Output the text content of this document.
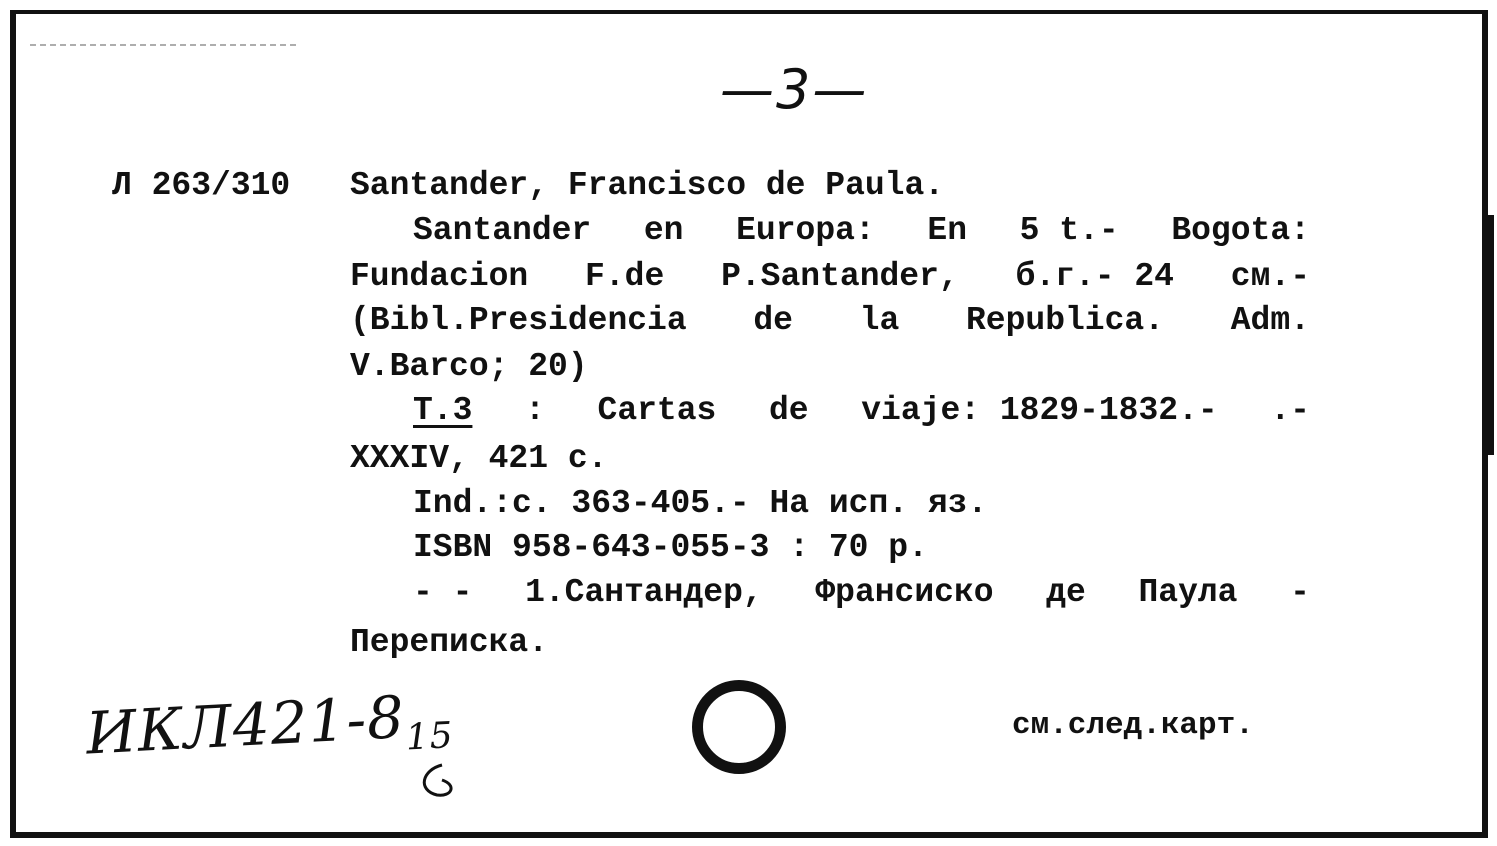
—3—
Л 263/310 Santander, Francisco de Paula.
Santander en Europa: En 5 t.- Bogota:
Fundacion F.de P.Santander, б.г.- 24 см.-
(Bibl.Presidencia de la Republica. Adm.
V.Barco; 20)
Т.3 : Cartas de viaje: 1829-1832.- .-
XXXIV, 421 с.
Ind.:c. 363-405.- На исп. яз.
ISBN 958-643-055-3 : 70 р.
- - 1.Сантандер, Франсиско де Паула -
Переписка.
$ИКЛ421-8_{15}$	см.след.карт.
